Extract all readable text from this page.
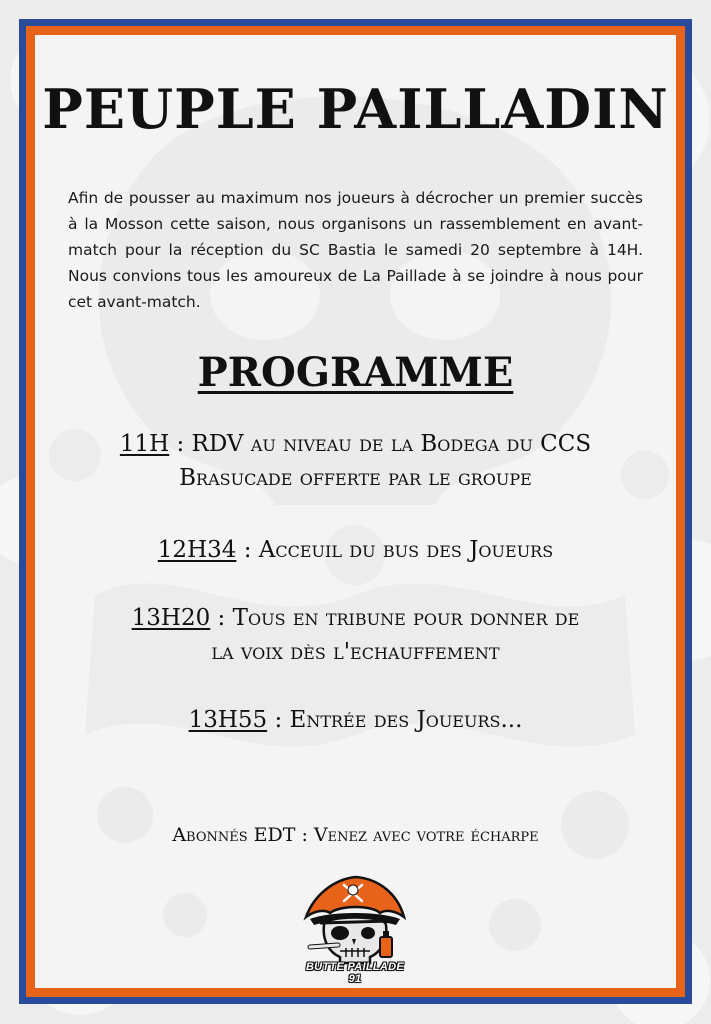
PEUPLE PAILLADIN
Afin de pousser au maximum nos joueurs à décrocher un premier succès à la Mosson cette saison, nous organisons un rassemblement en avant-match pour la réception du SC Bastia le samedi 20 septembre à 14H. Nous convions tous les amoureux de La Paillade à se joindre à nous pour cet avant-match.
PROGRAMME
11H : RDV au niveau de la Bodega du CCS
Brasucade offerte par le groupe
12H34 : Acceuil du bus des Joueurs
13H20 : Tous en tribune pour donner de
la voix dès l'echauffement
13H55 : Entrée des Joueurs...
Abonnés EDT : Venez avec votre écharpe
BUTTE PAILLADE 91
